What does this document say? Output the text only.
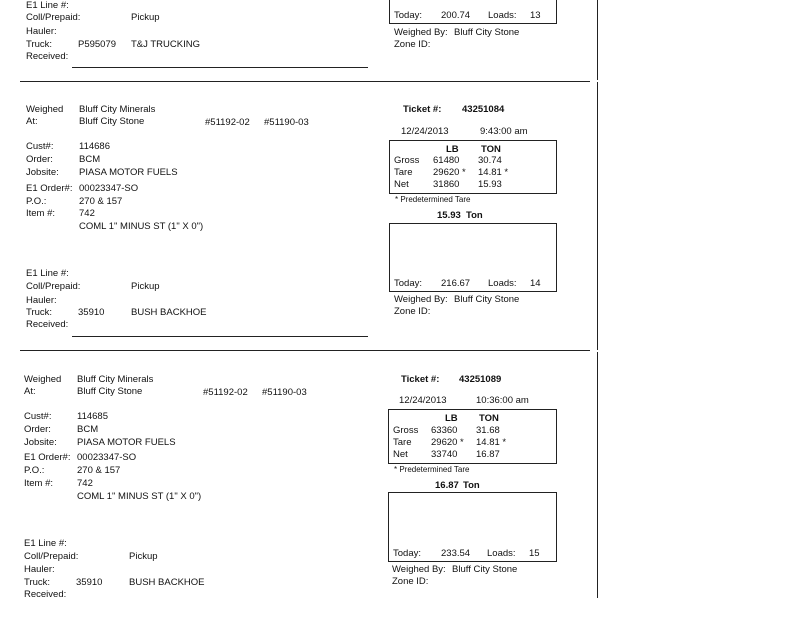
E1 Line #:
Coll/Prepaid:	Pickup
Hauler:
Truck:	P595079 T&J TRUCKING
Received:
Today: 200.74 Loads: 13
Weighed By: Bluff City Stone
Zone ID:
Weighed Bluff City Minerals
At:	Bluff City Stone	#51192-02 #51190-03
Ticket #: 43251084
12/24/2013	9:43:00 am
Cust#:	114686
Order:	BCM
Jobsite: PIASA MOTOR FUELS
E1 Order#: 00023347-SO
P.O.:	270 & 157
Item #:	742
COML 1" MINUS ST (1" X 0")
LB TON
Gross 61480 30.74
Tare 29620 * 14.81 *
Net	31860 15.93
* Predetermined Tare
15.93 Ton
Today: 216.67 Loads: 14
Weighed By: Bluff City Stone
Zone ID:
E1 Line #:
Coll/Prepaid:	Pickup
Hauler:
Truck:	35910	BUSH BACKHOE
Received:
Weighed Bluff City Minerals
At:	Bluff City Stone	#51192-02 #51190-03
Ticket #: 43251089
12/24/2013	10:36:00 am
Cust#:	114685
Order:	BCM
Jobsite: PIASA MOTOR FUELS
E1 Order#: 00023347-SO
P.O.:	270 & 157
Item #:	742
COML 1" MINUS ST (1" X 0")
LB TON
Gross 63360 31.68
Tare 29620 * 14.81 *
Net 33740 16.87
* Predetermined Tare
16.87 Ton
Today: 233.54 Loads: 15
Weighed By: Bluff City Stone
Zone ID:
E1 Line #:
Coll/Prepaid:	Pickup
Hauler:
Truck:	35910	BUSH BACKHOE
Received:
